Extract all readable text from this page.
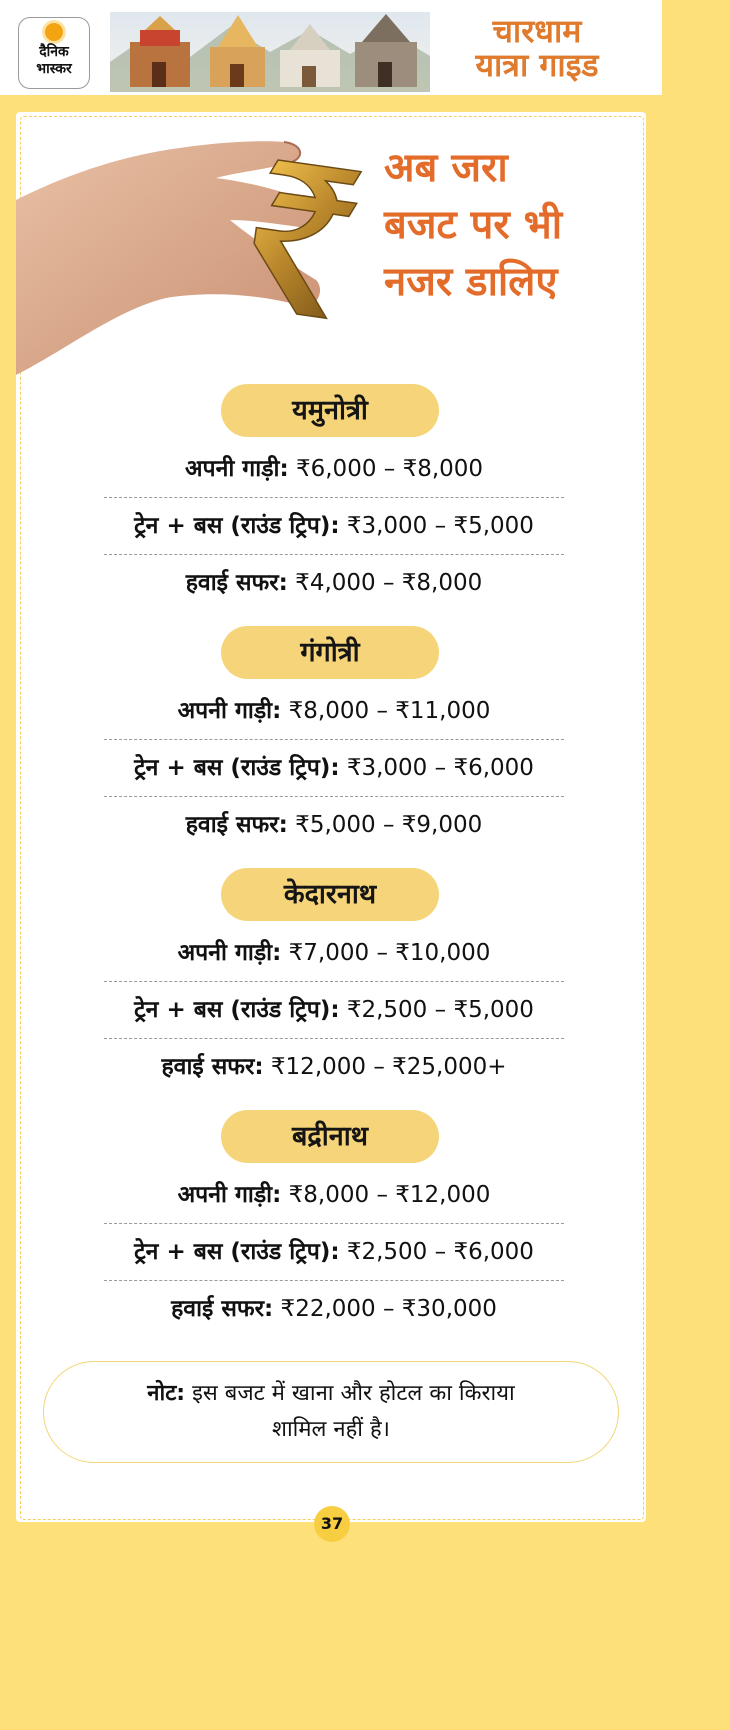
दैनिक
भास्कर
चारधाम
यात्रा गाइड
अब जरा
बजट पर भी
नजर डालिए
यमुनोत्री
अपनी गाड़ी: ₹6,000 – ₹8,000
ट्रेन + बस (राउंड ट्रिप): ₹3,000 – ₹5,000
हवाई सफर: ₹4,000 – ₹8,000
गंगोत्री
अपनी गाड़ी: ₹8,000 – ₹11,000
ट्रेन + बस (राउंड ट्रिप): ₹3,000 – ₹6,000
हवाई सफर: ₹5,000 – ₹9,000
केदारनाथ
अपनी गाड़ी: ₹7,000 – ₹10,000
ट्रेन + बस (राउंड ट्रिप): ₹2,500 – ₹5,000
हवाई सफर: ₹12,000 – ₹25,000+
बद्रीनाथ
अपनी गाड़ी: ₹8,000 – ₹12,000
ट्रेन + बस (राउंड ट्रिप): ₹2,500 – ₹6,000
हवाई सफर: ₹22,000 – ₹30,000
नोट: इस बजट में खाना और होटल का किराया
शामिल नहीं है।
37
